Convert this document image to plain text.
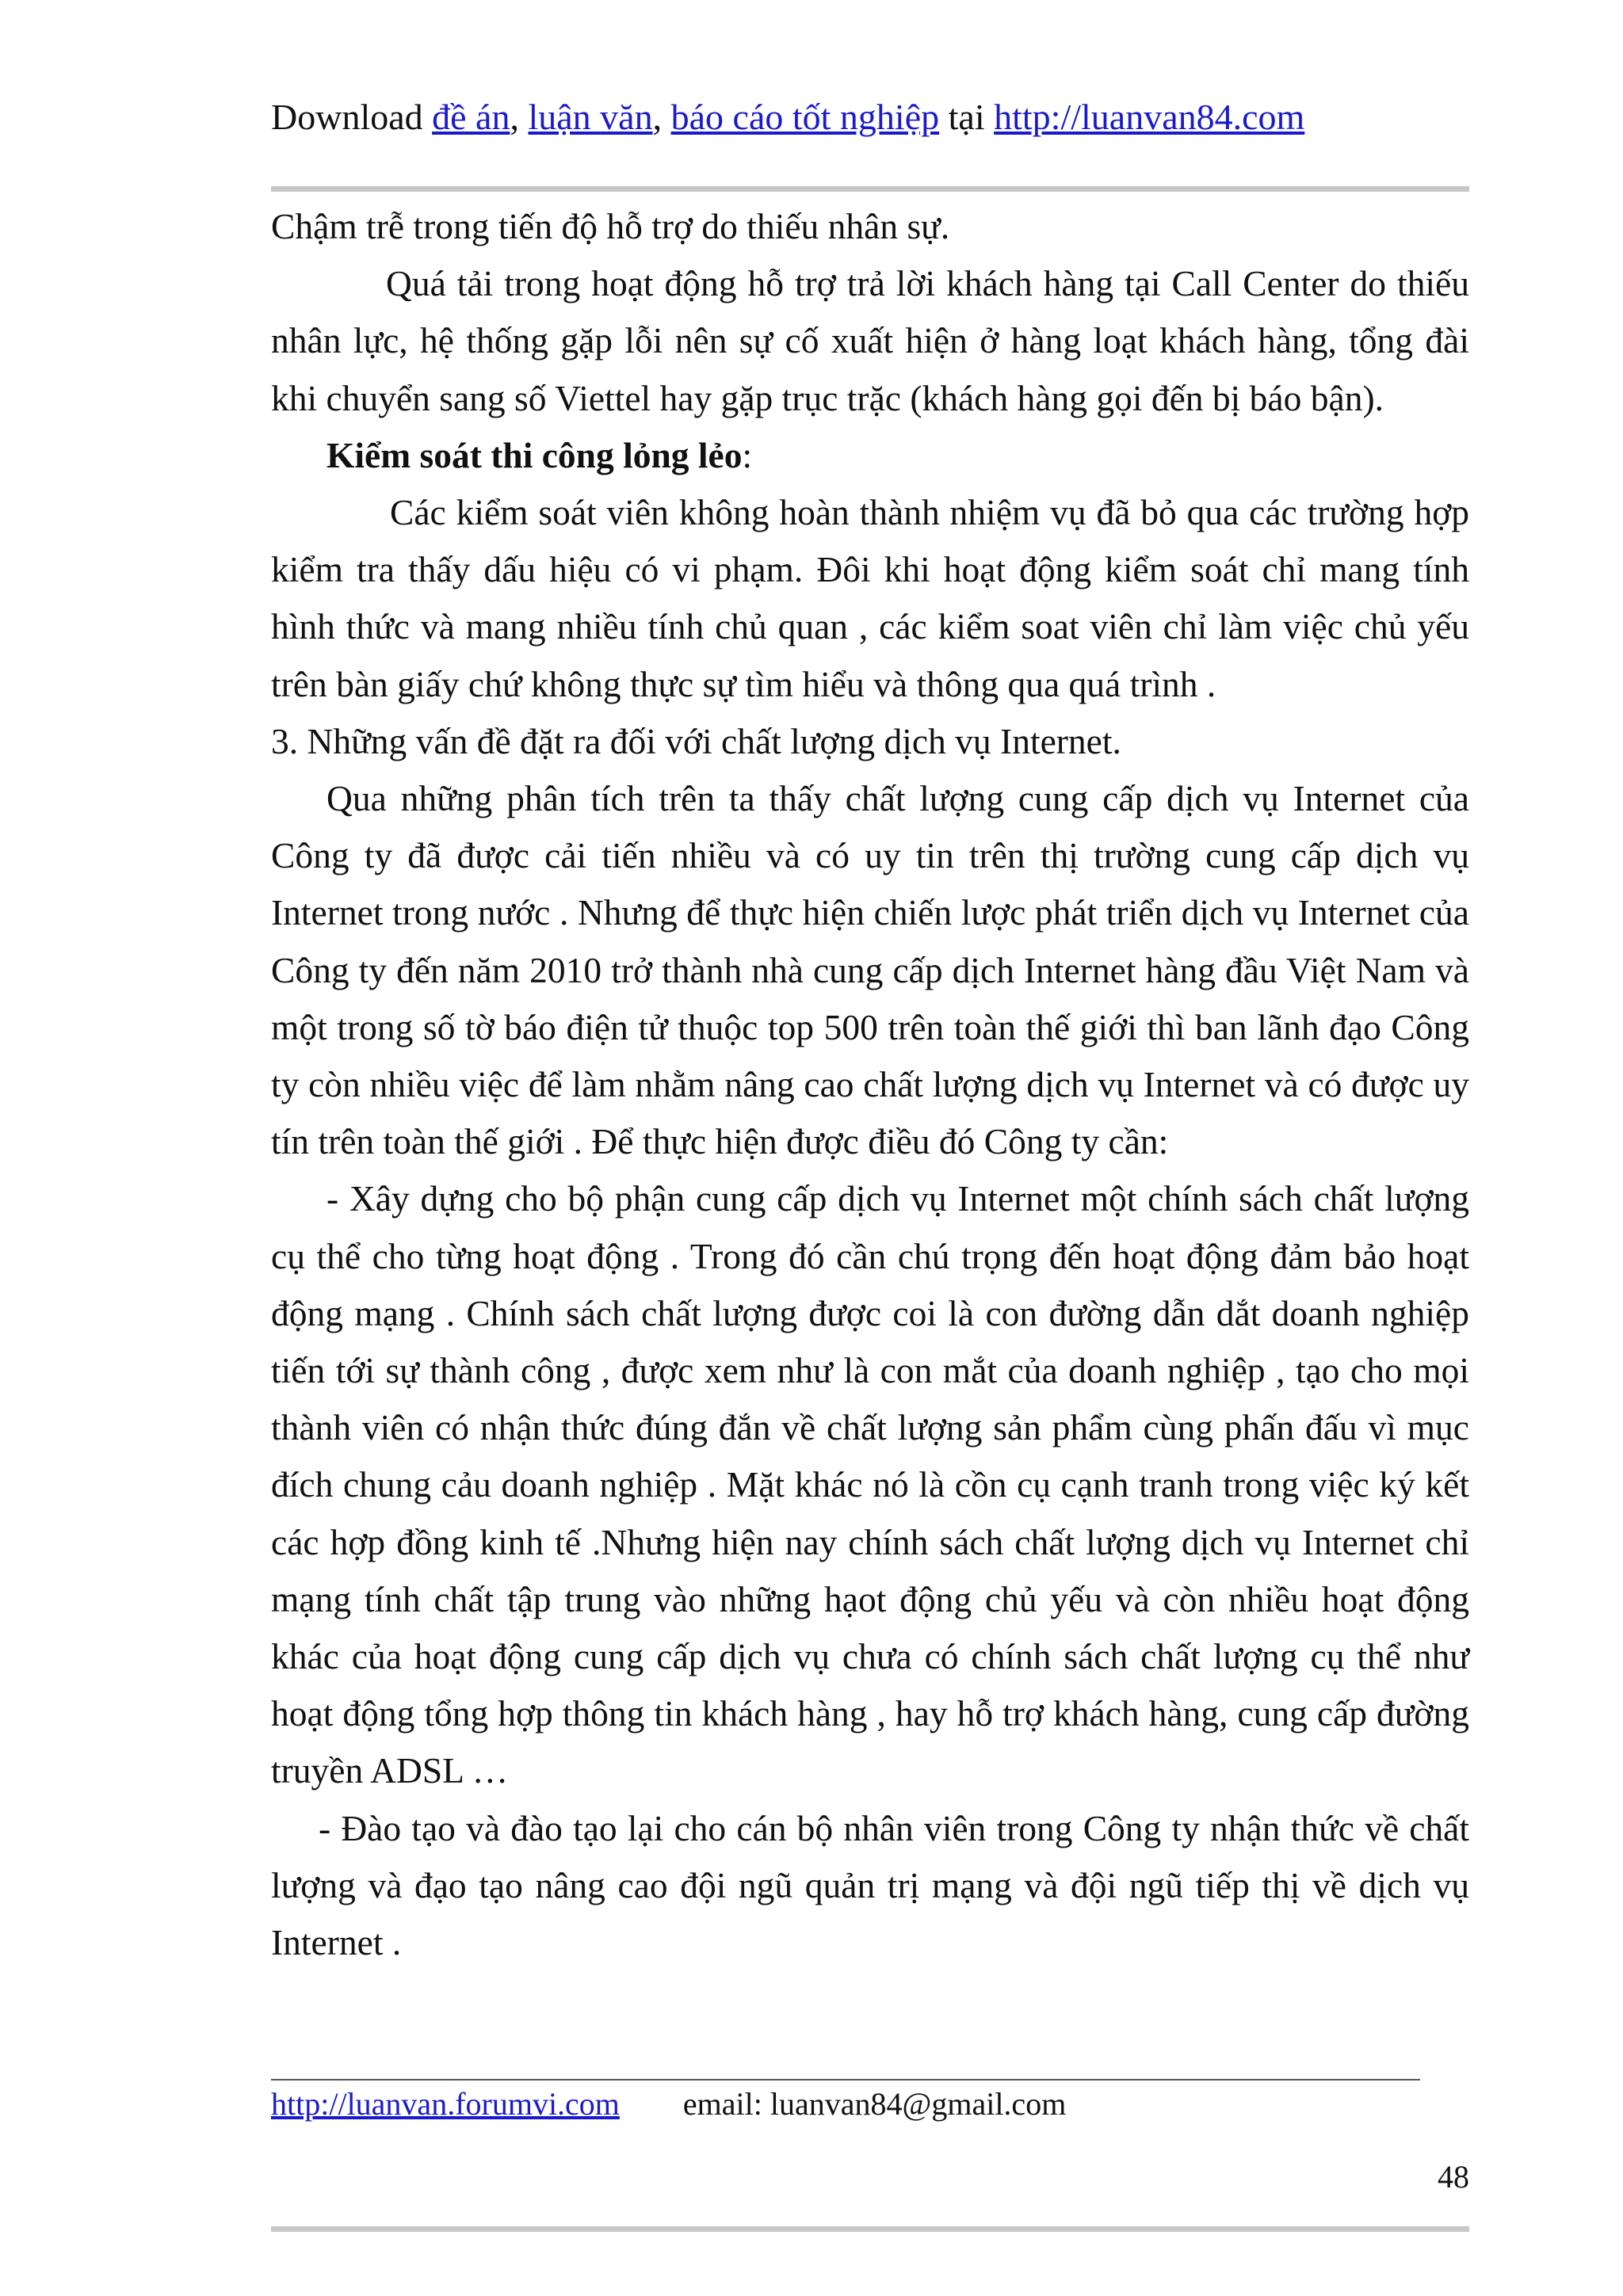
Download đề án, luận văn, báo cáo tốt nghiệp tại http://luanvan84.com

Chậm trễ trong tiến độ hỗ trợ do thiếu nhân sự.

Quá tải trong hoạt động hỗ trợ trả lời khách hàng tại Call Center do thiếu nhân lực, hệ thống gặp lỗi nên sự cố xuất hiện ở hàng loạt khách hàng, tổng đài khi chuyển sang số Viettel hay gặp trục trặc (khách hàng gọi đến bị báo bận).

Kiểm soát thi công lỏng lẻo:

Các kiểm soát viên không hoàn thành nhiệm vụ đã bỏ qua các trường hợp kiểm tra thấy dấu hiệu có vi phạm. Đôi khi hoạt động kiểm soát chỉ mang tính hình thức và mang nhiều tính chủ quan , các kiểm soat viên chỉ làm việc chủ yếu trên bàn giấy chứ không thực sự tìm hiểu và thông qua quá trình .

3. Những vấn đề đặt ra đối với chất lượng dịch vụ Internet.

Qua những phân tích trên ta thấy chất lượng cung cấp dịch vụ Internet của Công ty đã được cải tiến nhiều và có uy tin trên thị trường cung cấp dịch vụ Internet trong nước . Nhưng để thực hiện chiến lược phát triển dịch vụ Internet của Công ty đến năm 2010 trở thành nhà cung cấp dịch Internet hàng đầu Việt Nam và một trong số tờ báo điện tử thuộc top 500 trên toàn thế giới thì ban lãnh đạo Công ty còn nhiều việc để làm nhằm nâng cao chất lượng dịch vụ Internet và có được uy tín trên toàn thế giới . Để thực hiện được điều đó Công ty cần:

- Xây dựng cho bộ phận cung cấp dịch vụ Internet một chính sách chất lượng cụ thể cho từng hoạt động . Trong đó cần chú trọng đến hoạt động đảm bảo hoạt động mạng . Chính sách chất lượng được coi là con đường dẫn dắt doanh nghiệp tiến tới sự thành công , được xem như là con mắt của doanh nghiệp , tạo cho mọi thành viên có nhận thức đúng đắn về chất lượng sản phẩm cùng phấn đấu vì mục đích chung cảu doanh nghiệp . Mặt khác nó là cồn cụ cạnh tranh trong việc ký kết các hợp đồng kinh tế .Nhưng hiện nay chính sách chất lượng dịch vụ Internet chỉ mạng tính chất tập trung vào những hạot động chủ yếu và còn nhiều hoạt động khác của hoạt động cung cấp dịch vụ chưa có chính sách chất lượng cụ thể như hoạt động tổng hợp thông tin khách hàng , hay hỗ trợ khách hàng, cung cấp đường truyền ADSL …

- Đào tạo và đào tạo lại cho cán bộ nhân viên trong Công ty nhận thức về chất lượng và đạo tạo nâng cao đội ngũ quản trị mạng và đội ngũ tiếp thị về dịch vụ Internet .

http://luanvan.forumvi.com email: luanvan84@gmail.com
48
